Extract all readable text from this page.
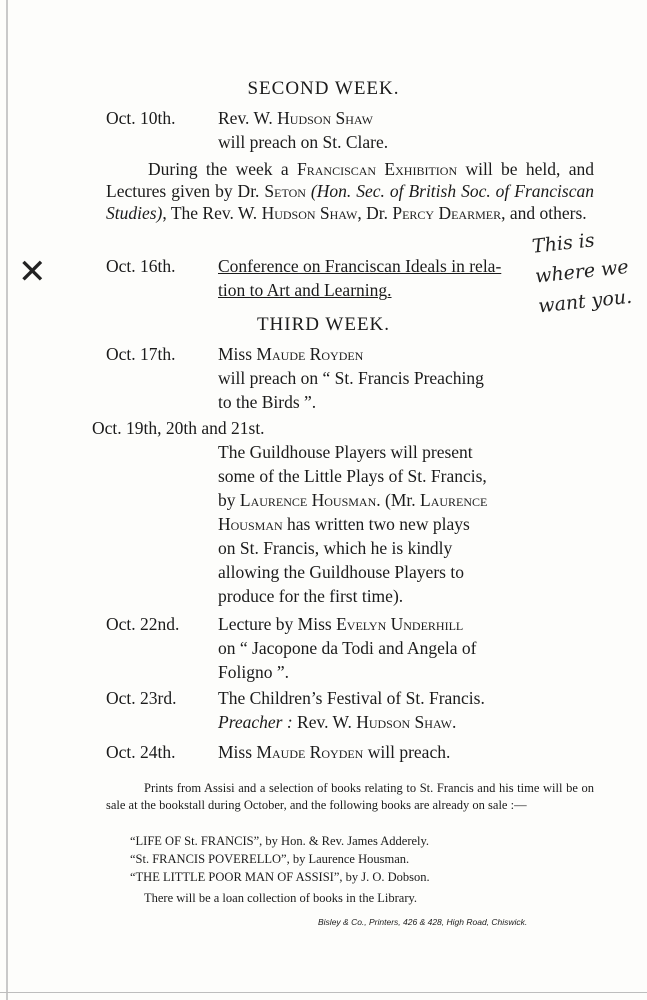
SECOND WEEK.
Oct. 10th.	Rev. W. Hudson Shaw
will preach on St. Clare.
During the week a Franciscan Exhibition will be held, and Lectures given by Dr. Seton (Hon. Sec. of British Soc. of Franciscan Studies), The Rev. W. Hudson Shaw, Dr. Percy Dearmer, and others.
✕	Oct. 16th.	Conference on Franciscan Ideals in rela-
tion to Art and Learning.
This is where we want you.
THIRD WEEK.
Oct. 17th.	Miss Maude Royden
will preach on “ St. Francis Preaching
to the Birds ”.
Oct. 19th, 20th and 21st.
The Guildhouse Players will present
some of the Little Plays of St. Francis,
by Laurence Housman. (Mr. Laurence
Housman has written two new plays
on St. Francis, which he is kindly
allowing the Guildhouse Players to
produce for the first time).
Oct. 22nd.	Lecture by Miss Evelyn Underhill
on “ Jacopone da Todi and Angela of
Foligno ”.
Oct. 23rd.	The Children’s Festival of St. Francis.
Preacher : Rev. W. Hudson Shaw.
Oct. 24th.	Miss Maude Royden will preach.
Prints from Assisi and a selection of books relating to St. Francis and his time will be on sale at the bookstall during October, and the following books are already on sale :—
“LIFE OF St. FRANCIS”, by Hon. & Rev. James Adderely.
“St. FRANCIS POVERELLO”, by Laurence Housman.
“THE LITTLE POOR MAN OF ASSISI”, by J. O. Dobson.
There will be a loan collection of books in the Library.
Bisley & Co., Printers, 426 & 428, High Road, Chiswick.
